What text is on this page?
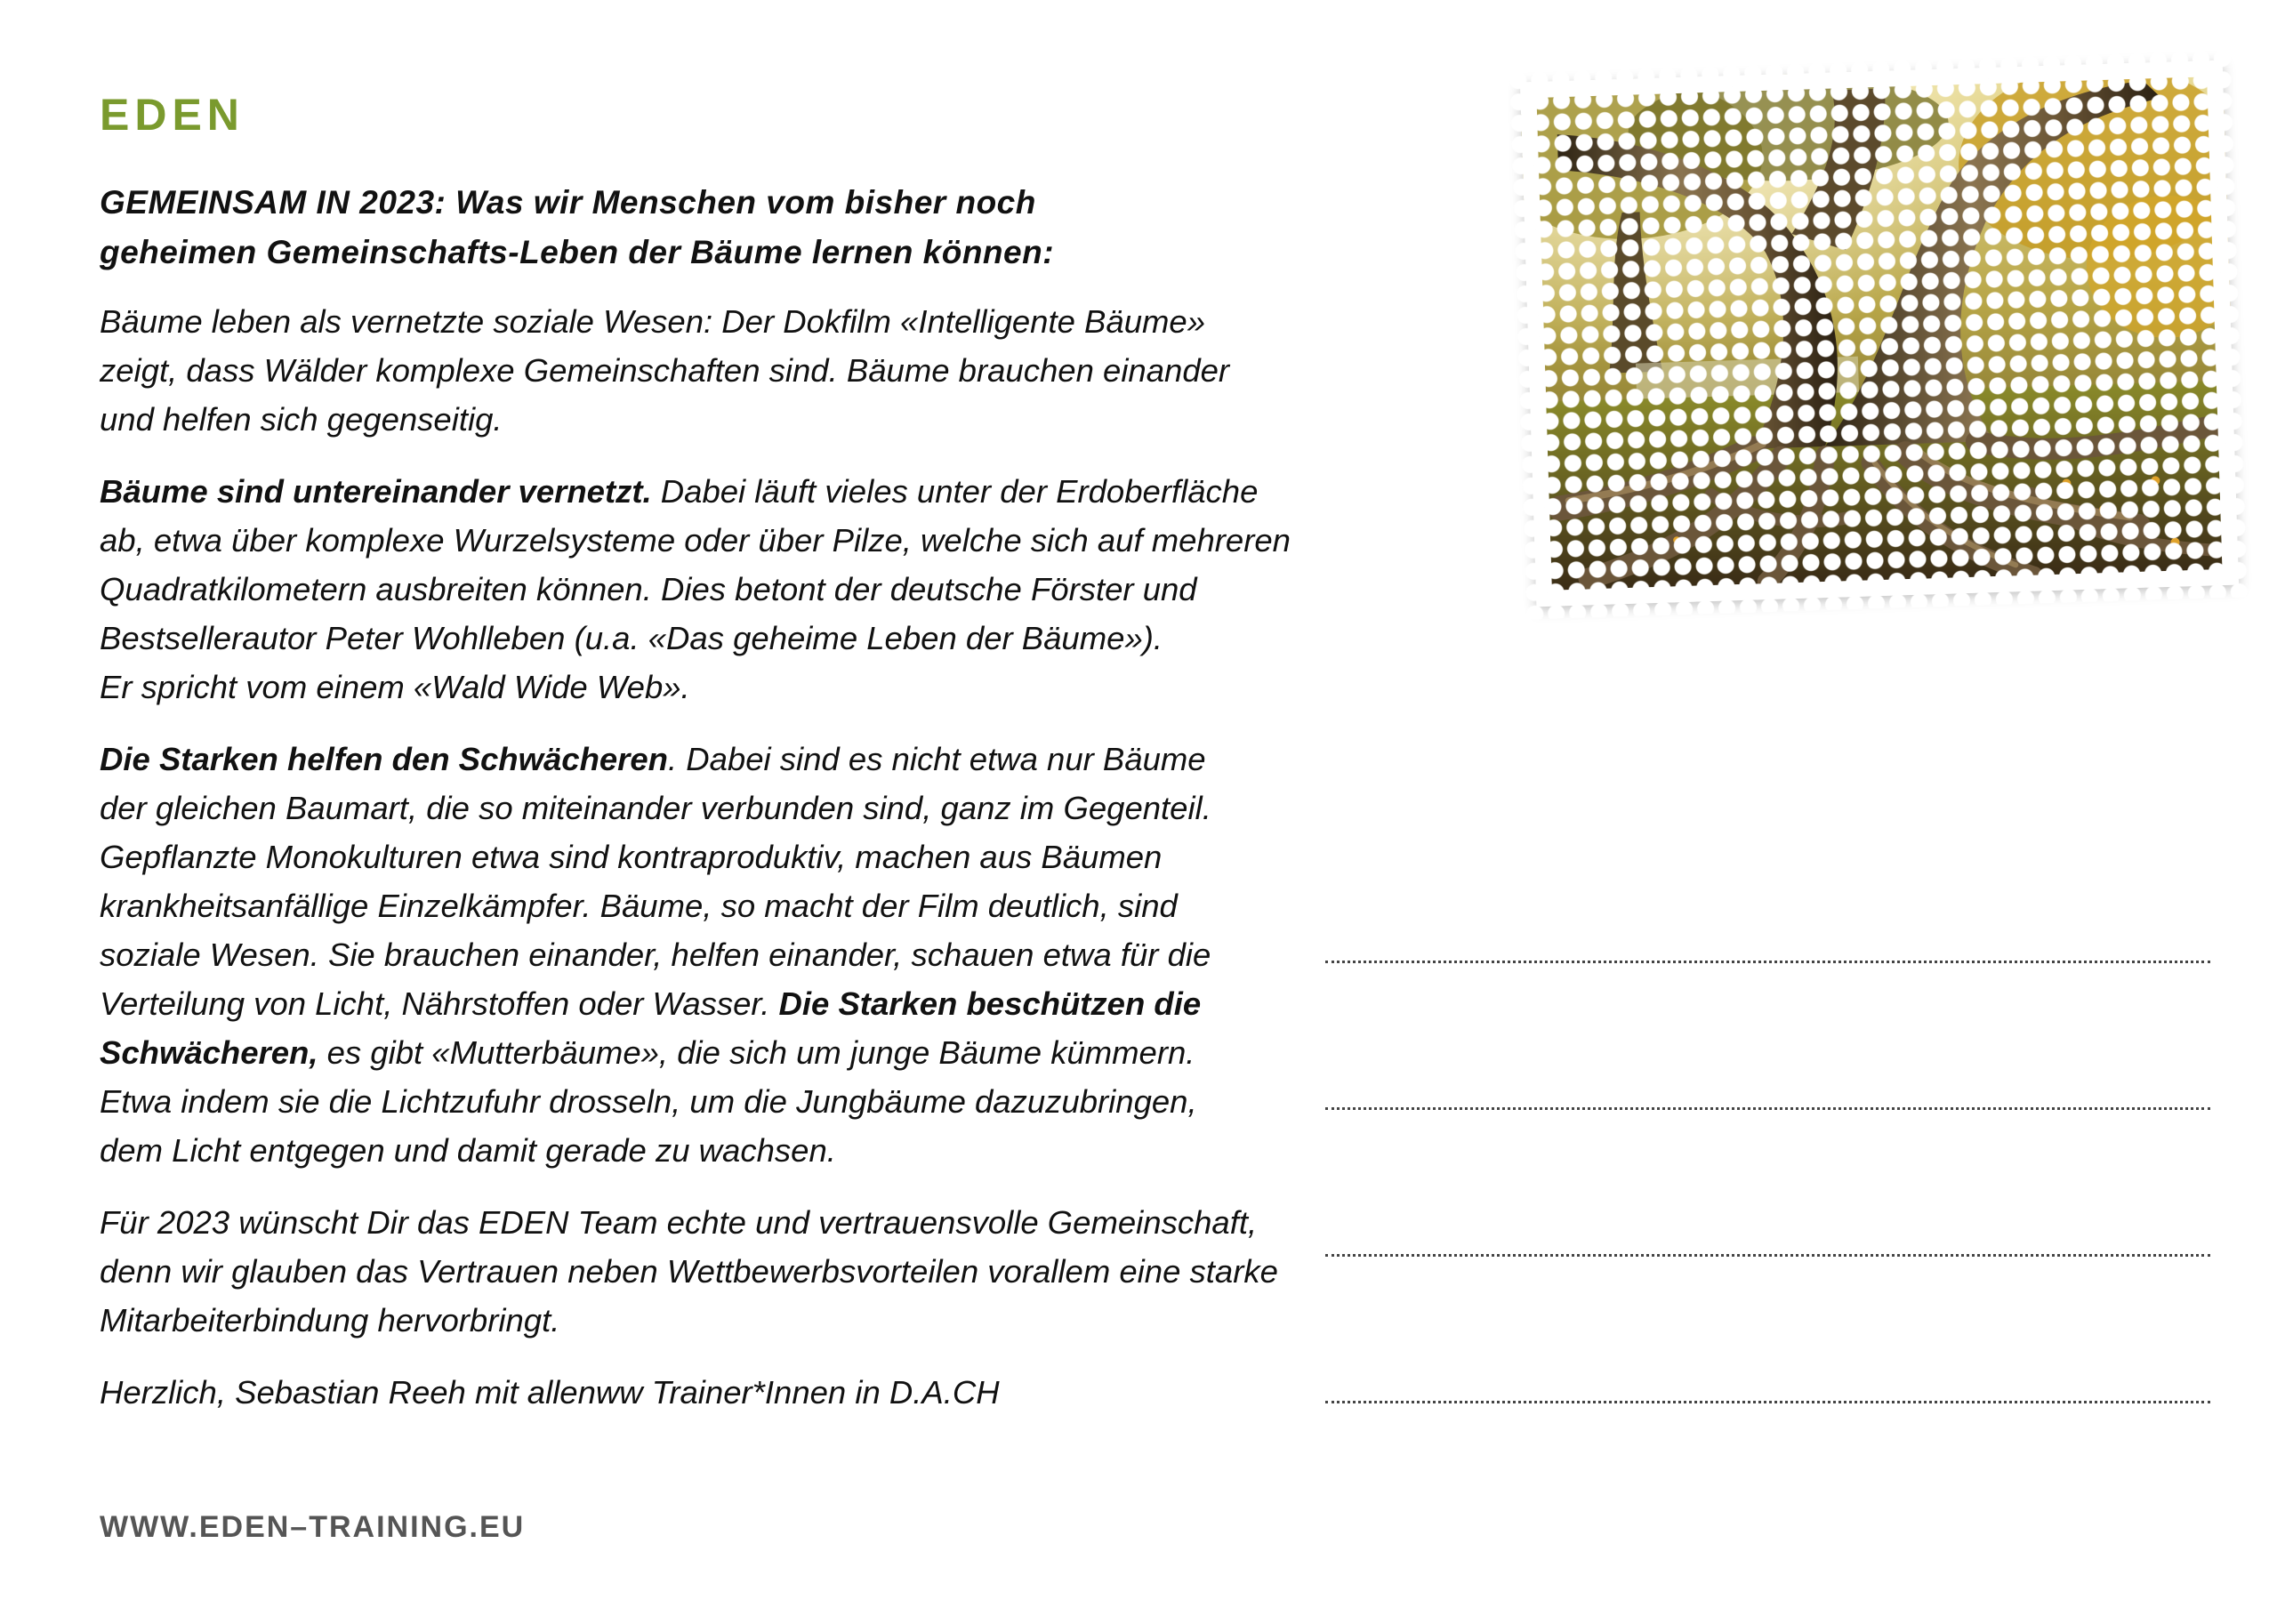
EDEN
GEMEINSAM IN 2023: Was wir Menschen vom bisher noch
geheimen Gemeinschafts-Leben der Bäume lernen können:
Bäume leben als vernetzte soziale Wesen: Der Dokfilm «Intelligente Bäume»
zeigt, dass Wälder komplexe Gemeinschaften sind. Bäume brauchen einander
und helfen sich gegenseitig.
Bäume sind untereinander vernetzt. Dabei läuft vieles unter der Erdoberfläche
ab, etwa über komplexe Wurzelsysteme oder über Pilze, welche sich auf mehreren
Quadratkilometern ausbreiten können. Dies betont der deutsche Förster und
Bestsellerautor Peter Wohlleben (u.a. «Das geheime Leben der Bäume»).
Er spricht vom einem «Wald Wide Web».
Die Starken helfen den Schwächeren. Dabei sind es nicht etwa nur Bäume
der gleichen Baumart, die so miteinander verbunden sind, ganz im Gegenteil.
Gepflanzte Monokulturen etwa sind kontraproduktiv, machen aus Bäumen
krankheitsanfällige Einzelkämpfer. Bäume, so macht der Film deutlich, sind
soziale Wesen. Sie brauchen einander, helfen einander, schauen etwa für die
Verteilung von Licht, Nährstoffen oder Wasser. Die Starken beschützen die
Schwächeren, es gibt «Mutterbäume», die sich um junge Bäume kümmern.
Etwa indem sie die Lichtzufuhr drosseln, um die Jungbäume dazuzubringen,
dem Licht entgegen und damit gerade zu wachsen.
Für 2023 wünscht Dir das EDEN Team echte und vertrauensvolle Gemeinschaft,
denn wir glauben das Vertrauen neben Wettbewerbsvorteilen vorallem eine starke
Mitarbeiterbindung hervorbringt.
Herzlich, Sebastian Reeh mit allenww Trainer*Innen in D.A.CH
WWW.EDEN–TRAINING.EU
